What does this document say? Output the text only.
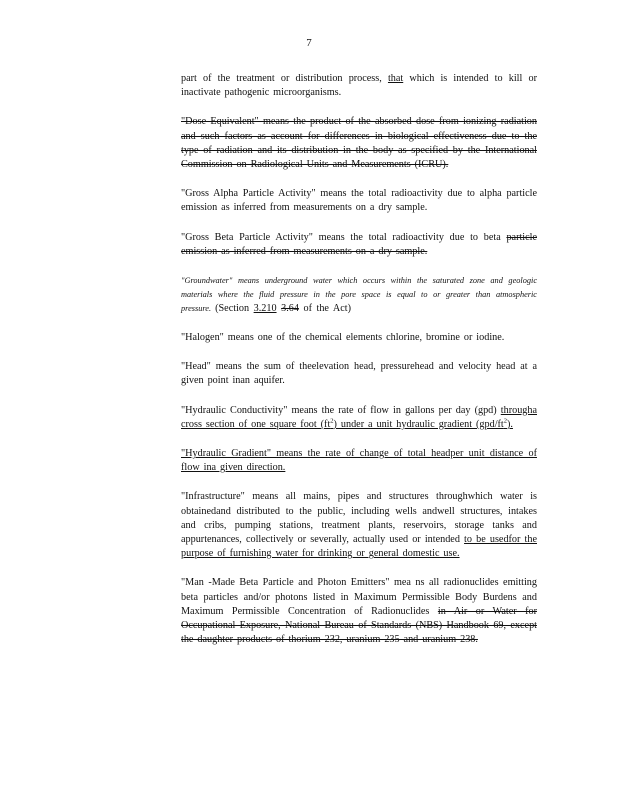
7

part of the treatment or distribution process, that which is intended to kill or inactivate pathogenic microorganisms.

"Dose Equivalent" means the product of the absorbed dose from ionizing radiation and such factors as account for differences in biological effectiveness due to the type of radiation and its distribution in the body as specified by the International Commission on Radiological Units and Measurements (ICRU).

"Gross Alpha Particle Activity" means the total radioactivity due to alpha particle emission as inferred from measurements on a dry sample.

"Gross Beta Particle Activity" means the total radioactivity due to beta particle emission as inferred from measurements on a dry sample.

"Groundwater" means underground water which occurs within the saturated zone and geologic materials where the fluid pressure in the pore space is equal to or greater than atmospheric pressure. (Section 3.210 3.64 of the Act)

"Halogen" means one of the chemical elements chlorine, bromine or iodine.

"Head" means the sum of theelevation head, pressurehead and velocity head at a given point inan aquifer.

"Hydraulic Conductivity" means the rate of flow in gallons per day (gpd) througha cross section of one square foot $(ft^2)$ under a unit hydraulic gradient $(gpd/ft^2)$.

"Hydraulic Gradient" means the rate of change of total headper unit distance of flow ina given direction.

"Infrastructure" means all mains, pipes and structures throughwhich water is obtainedand distributed to the public, including wells andwell structures, intakes and cribs, pumping stations, treatment plants, reservoirs, storage tanks and appurtenances, collectively or severally, actually used or intended to be usedfor the purpose of furnishing water for drinking or general domestic use.

"Man -Made Beta Particle and Photon Emitters" mea ns all radionuclides emitting beta particles and/or photons listed in Maximum Permissible Body Burdens and Maximum Permissible Concentration of Radionuclides in Air or Water for Occupational Exposure, National Bureau of Standards (NBS) Handbook 69, except the daughter products of thorium 232, uranium 235 and uranium 238.
